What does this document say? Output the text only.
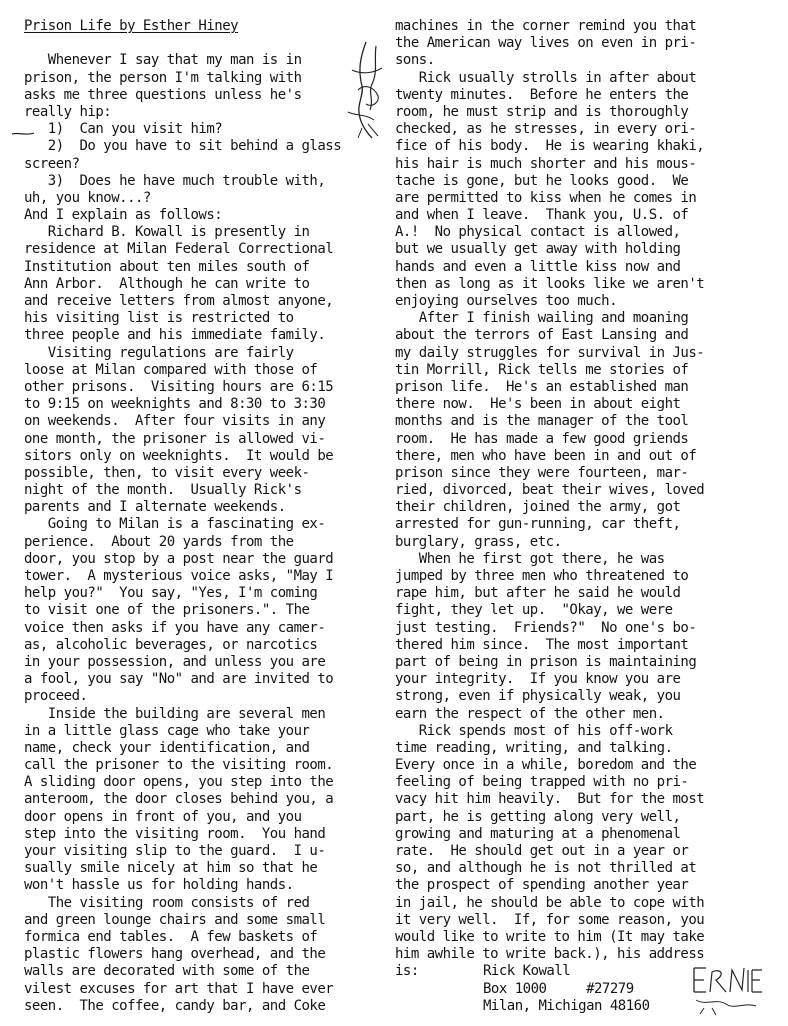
Prison Life by Esther Hiney
Whenever I say that my man is in
prison, the person I'm talking with
asks me three questions unless he's
really hip:
1)  Can you visit him?
2)  Do you have to sit behind a glass
screen?
3)  Does he have much trouble with,
uh, you know...?
And I explain as follows:
Richard B. Kowall is presently in
residence at Milan Federal Correctional
Institution about ten miles south of
Ann Arbor.  Although he can write to
and receive letters from almost anyone,
his visiting list is restricted to
three people and his immediate family.
Visiting regulations are fairly
loose at Milan compared with those of
other prisons.  Visiting hours are 6:15
to 9:15 on weeknights and 8:30 to 3:30
on weekends.  After four visits in any
one month, the prisoner is allowed vi-
sitors only on weeknights.  It would be
possible, then, to visit every week-
night of the month.  Usually Rick's
parents and I alternate weekends.
Going to Milan is a fascinating ex-
perience.  About 20 yards from the
door, you stop by a post near the guard
tower.  A mysterious voice asks, "May I
help you?"  You say, "Yes, I'm coming
to visit one of the prisoners.". The
voice then asks if you have any camer-
as, alcoholic beverages, or narcotics
in your possession, and unless you are
a fool, you say "No" and are invited to
proceed.
Inside the building are several men
in a little glass cage who take your
name, check your identification, and
call the prisoner to the visiting room.
A sliding door opens, you step into the
anteroom, the door closes behind you, a
door opens in front of you, and you
step into the visiting room.  You hand
your visiting slip to the guard.  I u-
sually smile nicely at him so that he
won't hassle us for holding hands.
The visiting room consists of red
and green lounge chairs and some small
formica end tables.  A few baskets of
plastic flowers hang overhead, and the
walls are decorated with some of the
vilest excuses for art that I have ever
seen.  The coffee, candy bar, and Coke
machines in the corner remind you that
the American way lives on even in pri-
sons.
Rick usually strolls in after about
twenty minutes.  Before he enters the
room, he must strip and is thoroughly
checked, as he stresses, in every ori-
fice of his body.  He is wearing khaki,
his hair is much shorter and his mous-
tache is gone, but he looks good.  We
are permitted to kiss when he comes in
and when I leave.  Thank you, U.S. of
A.!  No physical contact is allowed,
but we usually get away with holding
hands and even a little kiss now and
then as long as it looks like we aren't
enjoying ourselves too much.
After I finish wailing and moaning
about the terrors of East Lansing and
my daily struggles for survival in Jus-
tin Morrill, Rick tells me stories of
prison life.  He's an established man
there now.  He's been in about eight
months and is the manager of the tool
room.  He has made a few good griends
there, men who have been in and out of
prison since they were fourteen, mar-
ried, divorced, beat their wives, loved
their children, joined the army, got
arrested for gun-running, car theft,
burglary, grass, etc.
When he first got there, he was
jumped by three men who threatened to
rape him, but after he said he would
fight, they let up.  "Okay, we were
just testing.  Friends?"  No one's bo-
thered him since.  The most important
part of being in prison is maintaining
your integrity.  If you know you are
strong, even if physically weak, you
earn the respect of the other men.
Rick spends most of his off-work
time reading, writing, and talking.
Every once in a while, boredom and the
feeling of being trapped with no pri-
vacy hit him heavily.  But for the most
part, he is getting along very well,
growing and maturing at a phenomenal
rate.  He should get out in a year or
so, and although he is not thrilled at
the prospect of spending another year
in jail, he should be able to cope with
it very well.  If, for some reason, you
would like to write to him (It may take
him awhile to write back.), his address
is:	Rick Kowall
Box 1000     #27279
Milan, Michigan 48160
